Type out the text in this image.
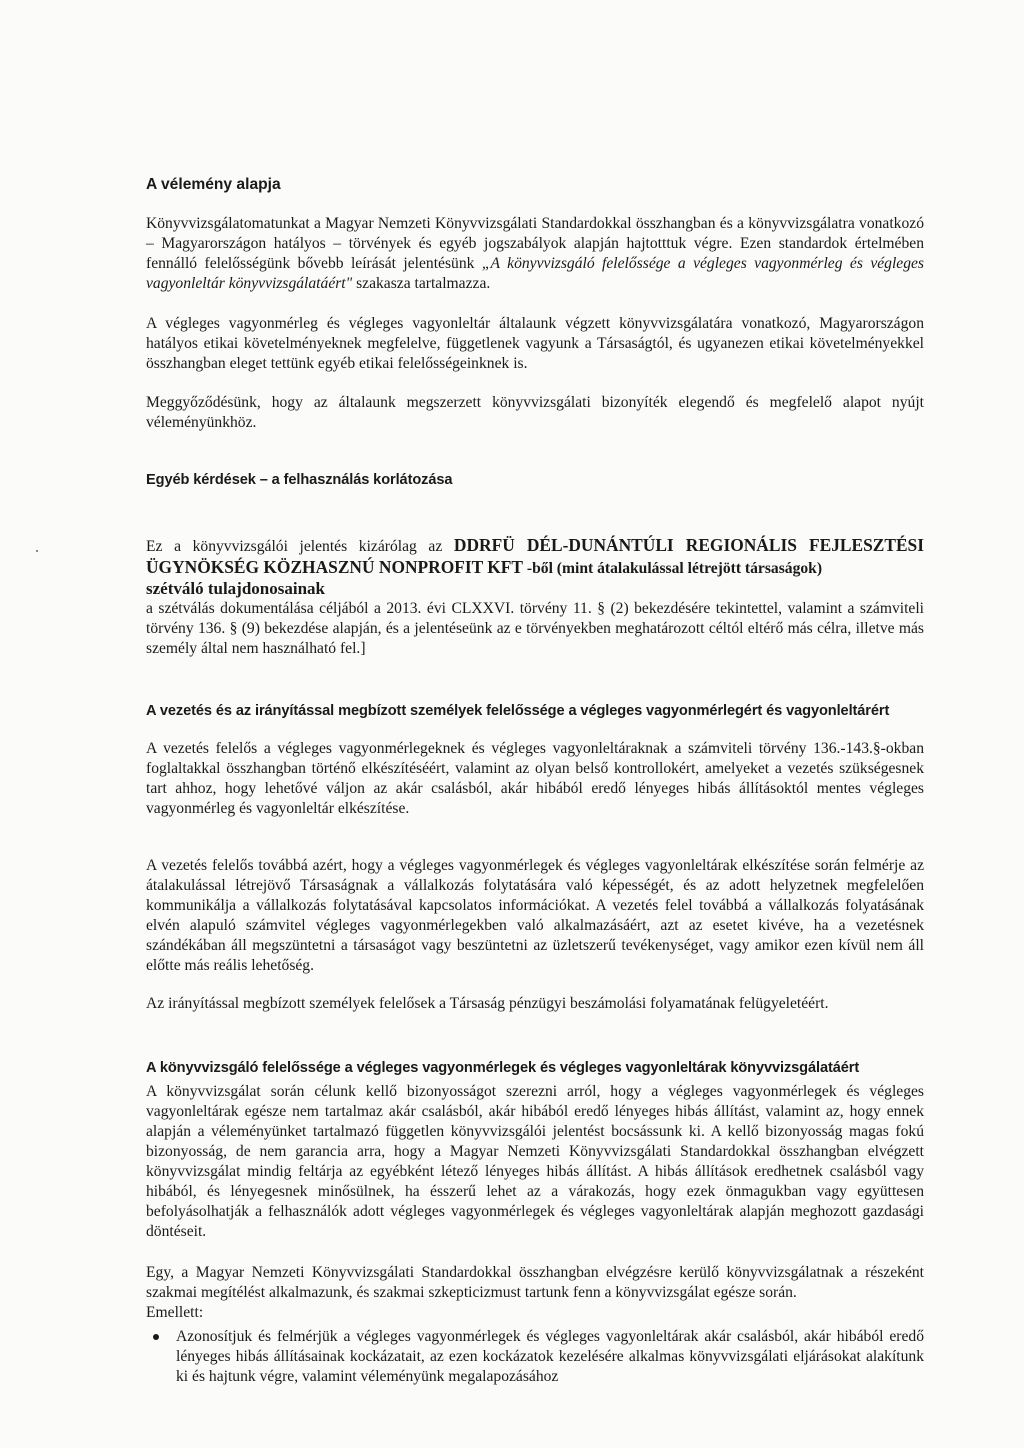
A vélemény alapja

Könyvvizsgálatomatunkat a Magyar Nemzeti Könyvvizsgálati Standardokkal összhangban és a könyvvizsgálatra vonatkozó – Magyarországon hatályos – törvények és egyéb jogszabályok alapján hajtotttuk végre. Ezen standardok értelmében fennálló felelősségünk bővebb leírását jelentésünk „A könyvvizsgáló felelőssége a végleges vagyonmérleg és végleges vagyonleltár könyvvizsgálatáért" szakasza tartalmazza.

A végleges vagyonmérleg és végleges vagyonleltár általaunk végzett könyvvizsgálatára vonatkozó, Magyarországon hatályos etikai követelményeknek megfelelve, függetlenek vagyunk a Társaságtól, és ugyanezen etikai követelményekkel összhangban eleget tettünk egyéb etikai felelősségeinknek is.

Meggyőződésünk, hogy az általaunk megszerzett könyvvizsgálati bizonyíték elegendő és megfelelő alapot nyújt véleményünkhöz.

Egyéb kérdések – a felhasználás korlátozása

Ez a könyvvizsgálói jelentés kizárólag az DDRFÜ DÉL-DUNÁNTÚLI REGIONÁLIS FEJLESZTÉSI ÜGYNÖKSÉG KÖZHASZNÚ NONPROFIT KFT -ből (mint átalakulással létrejött társaságok)

szétváló tulajdonosainak

a szétválás dokumentálása céljából a 2013. évi CLXXVI. törvény 11. § (2) bekezdésére tekintettel, valamint a számviteli törvény 136. § (9) bekezdése alapján, és a jelentéseünk az e törvényekben meghatározott céltól eltérő más célra, illetve más személy által nem használható fel.]

A vezetés és az irányítással megbízott személyek felelőssége a végleges vagyonmérlegért és vagyonleltárért

A vezetés felelős a végleges vagyonmérlegeknek és végleges vagyonleltáraknak a számviteli törvény 136.-143.§-okban foglaltakkal összhangban történő elkészítéséért, valamint az olyan belső kontrollokért, amelyeket a vezetés szükségesnek tart ahhoz, hogy lehetővé váljon az akár csalásból, akár hibából eredő lényeges hibás állításoktól mentes végleges vagyonmérleg és vagyonleltár elkészítése.

A vezetés felelős továbbá azért, hogy a végleges vagyonmérlegek és végleges vagyonleltárak elkészítése során felmérje az átalakulással létrejövő Társaságnak a vállalkozás folytatására való képességét, és az adott helyzetnek megfelelően kommunikálja a vállalkozás folytatásával kapcsolatos információkat. A vezetés felel továbbá a vállalkozás folyatásának elvén alapuló számvitel végleges vagyonmérlegekben való alkalmazásáért, azt az esetet kivéve, ha a vezetésnek szándékában áll megszüntetni a társaságot vagy beszüntetni az üzletszerű tevékenységet, vagy amikor ezen kívül nem áll előtte más reális lehetőség.

Az irányítással megbízott személyek felelősek a Társaság pénzügyi beszámolási folyamatának felügyeletéért.

A könyvvizsgáló felelőssége a végleges vagyonmérlegek és végleges vagyonleltárak könyvvizsgálatáért

A könyvvizsgálat során célunk kellő bizonyosságot szerezni arról, hogy a végleges vagyonmérlegek és végleges vagyonleltárak egésze nem tartalmaz akár csalásból, akár hibából eredő lényeges hibás állítást, valamint az, hogy ennek alapján a véleményünket tartalmazó független könyvvizsgálói jelentést bocsássunk ki. A kellő bizonyosság magas fokú bizonyosság, de nem garancia arra, hogy a Magyar Nemzeti Könyvvizsgálati Standardokkal összhangban elvégzett könyvvizsgálat mindig feltárja az egyébként létező lényeges hibás állítást. A hibás állítások eredhetnek csalásból vagy hibából, és lényegesnek minősülnek, ha ésszerű lehet az a várakozás, hogy ezek önmagukban vagy együttesen befolyásolhatják a felhasználók adott végleges vagyonmérlegek és végleges vagyonleltárak alapján meghozott gazdasági döntéseit.

Egy, a Magyar Nemzeti Könyvvizsgálati Standardokkal összhangban elvégzésre kerülő könyvvizsgálatnak a részeként szakmai megítélést alkalmazunk, és szakmai szkepticizmust tartunk fenn a könyvvizsgálat egésze során.

Emellett:

Azonosítjuk és felmérjük a végleges vagyonmérlegek és végleges vagyonleltárak akár csalásból, akár hibából eredő lényeges hibás állításainak kockázatait, az ezen kockázatok kezelésére alkalmas könyvvizsgálati eljárásokat alakítunk ki és hajtunk végre, valamint véleményünk megalapozásához
